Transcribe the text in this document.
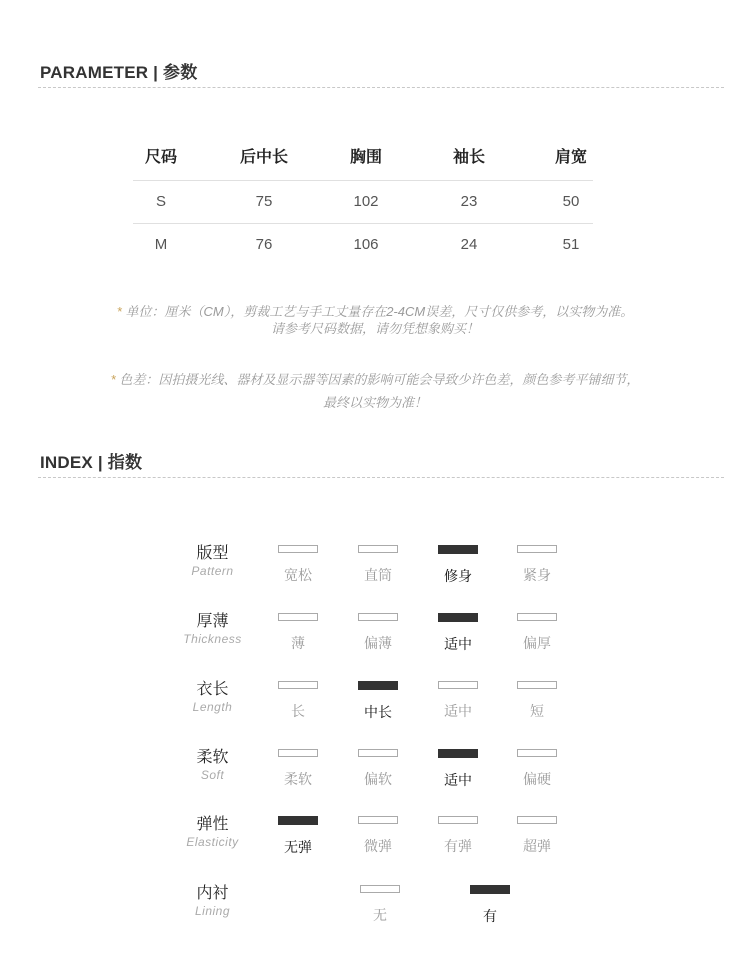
PARAMETER | 参数
尺码	后中长	胸围	袖长	肩宽
S	75	102	23	50
M	76	106	24	51
* 单位：厘米（CM），剪裁工艺与手工丈量存在2-4CM误差，尺寸仅供参考，以实物为准。
请参考尺码数据，请勿凭想象购买！
* 色差：因拍摄光线、器材及显示器等因素的影响可能会导致少许色差，颜色参考平铺细节，
最终以实物为准！
INDEX | 指数
版型
Pattern	宽松	直筒	修身	紧身
厚薄
Thickness	薄	偏薄	适中	偏厚
衣长
Length	长	中长	适中	短
柔软
Soft	柔软	偏软	适中	偏硬
弹性
Elasticity	无弹	微弹	有弹	超弹
内衬
Lining	无	有
